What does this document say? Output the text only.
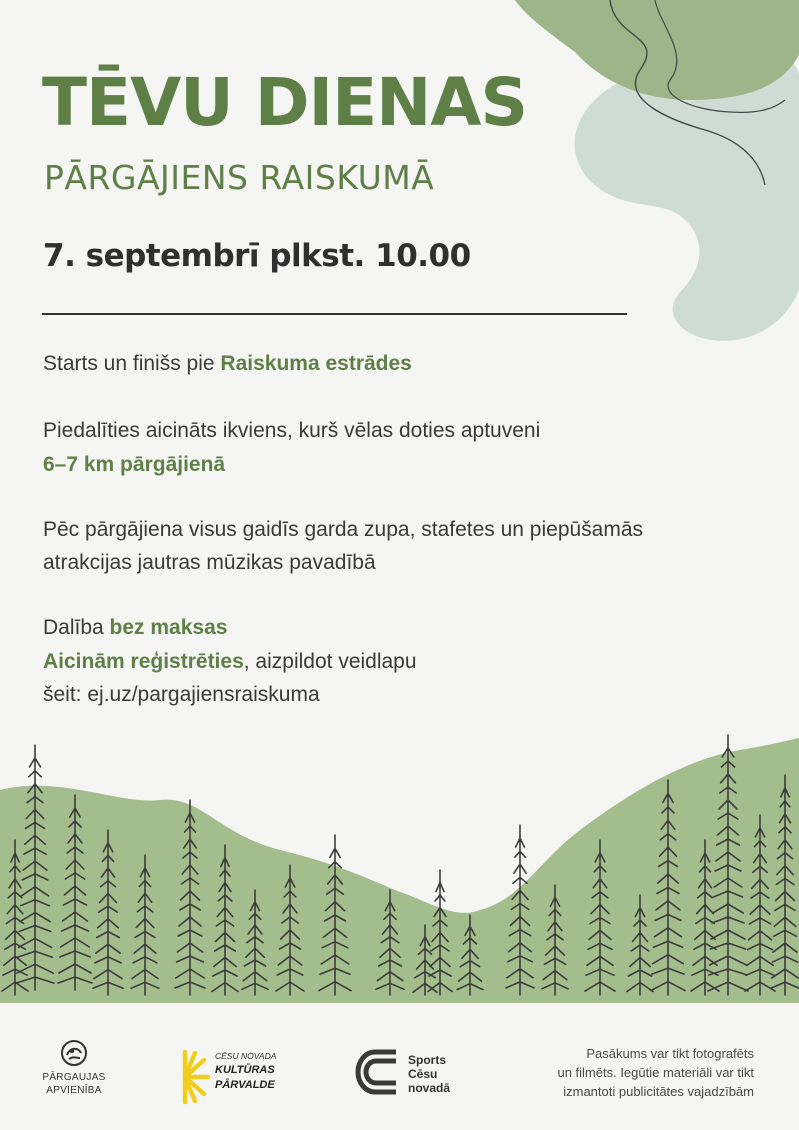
TĒVU DIENAS
PĀRGĀJIENS RAISKUMĀ
7. septembrī plkst. 10.00

Starts un finišs pie Raiskuma estrādes

Piedalīties aicināts ikviens, kurš vēlas doties aptuveni

6–7 km pārgājienā

Pēc pārgājiena visus gaidīs garda zupa, stafetes un piepūšamās

atrakcijas jautras mūzikas pavadībā

Dalība bez maksas

Aicinām reģistrēties, aizpildot veidlapu

šeit: ej.uz/pargajiensraiskuma

PĀRGAUJAS
APVIENĪBA
CĒSU NOVADA
KULTŪRAS
PĀRVALDE
Sports
Cēsu
novadā
Pasākums var tikt fotografēts
un filmēts. Iegūtie materiāli var tikt
izmantoti publicitātes vajadzībām
